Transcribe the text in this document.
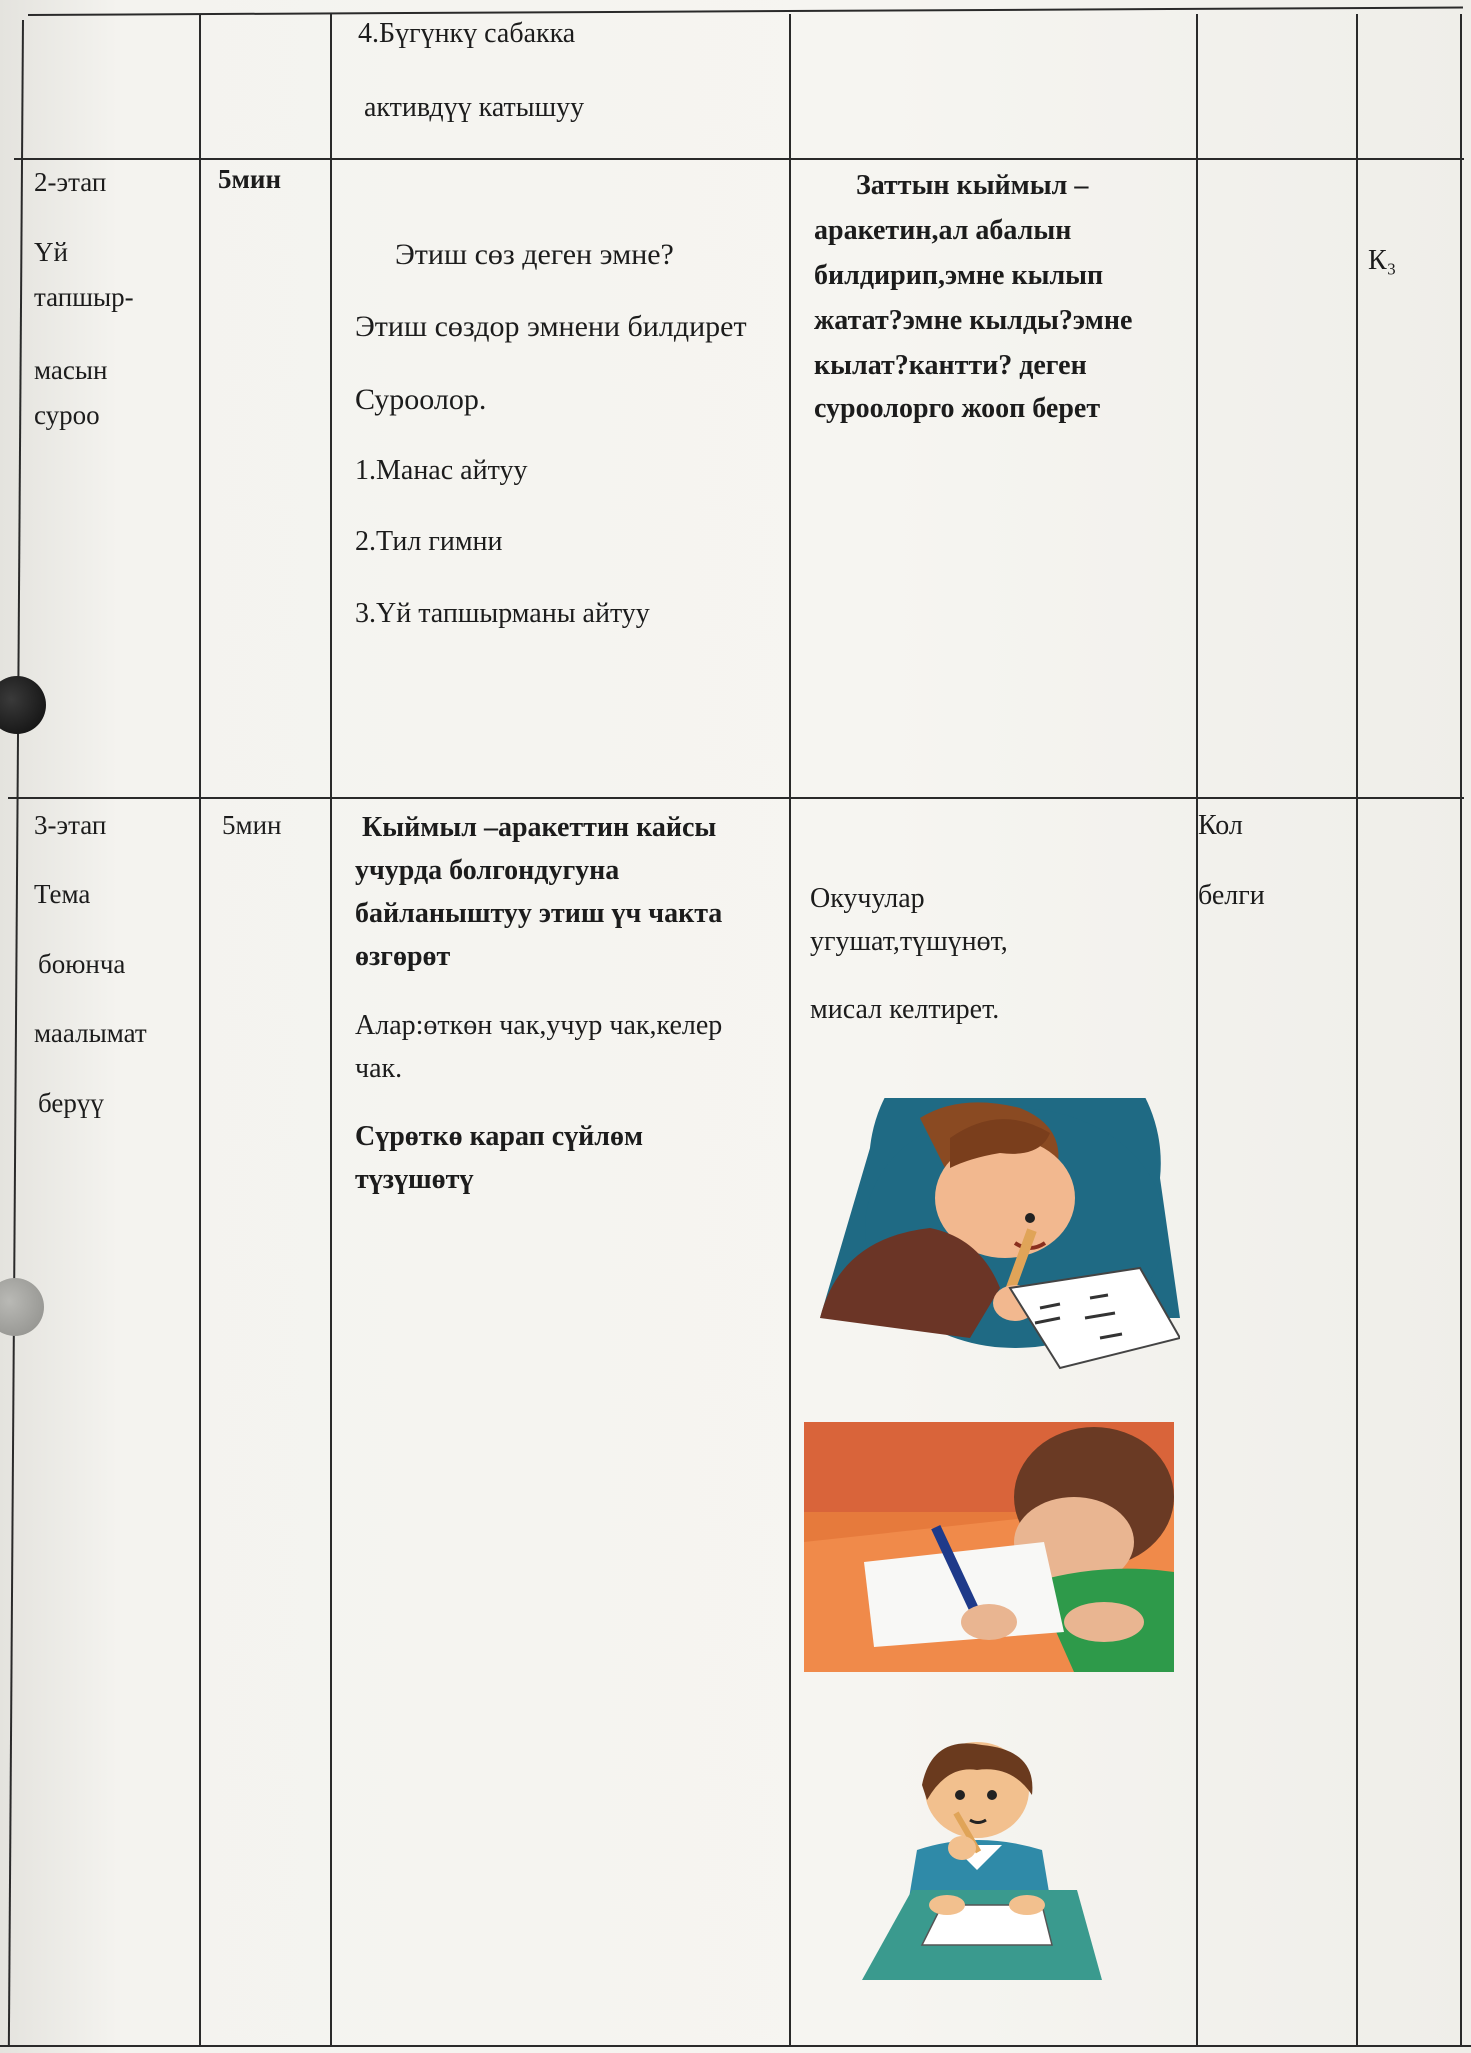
4.Бүгүнкү сабакка
активдүү катышуу
2-этап
Үй
тапшыр-
масын
суроо
5мин
Этиш сөз деген эмне?
Этиш сөздор эмнени билдирет
Суроолор.
1.Манас айтуу
2.Тил гимни
3.Үй тапшырманы айтуу
Заттын кыймыл –
аракетин,ал абалын
билдирип,эмне кылып
жатат?эмне кылды?эмне
кылат?кантти? деген
суроолорго жооп берет
К₃
3-этап
Тема
боюнча
маалымат
берүү
5мин	Кыймыл –аракеттин кайсы
учурда болгондугуна
байланыштуу этиш үч чакта
өзгөрөт
Алар:өткөн чак,учур чак,келер
чак.
Сүрөткө карап сүйлөм
түзүшөтү
Окучулар
угушат,түшүнөт,
мисал келтирет.
Кол
белги
